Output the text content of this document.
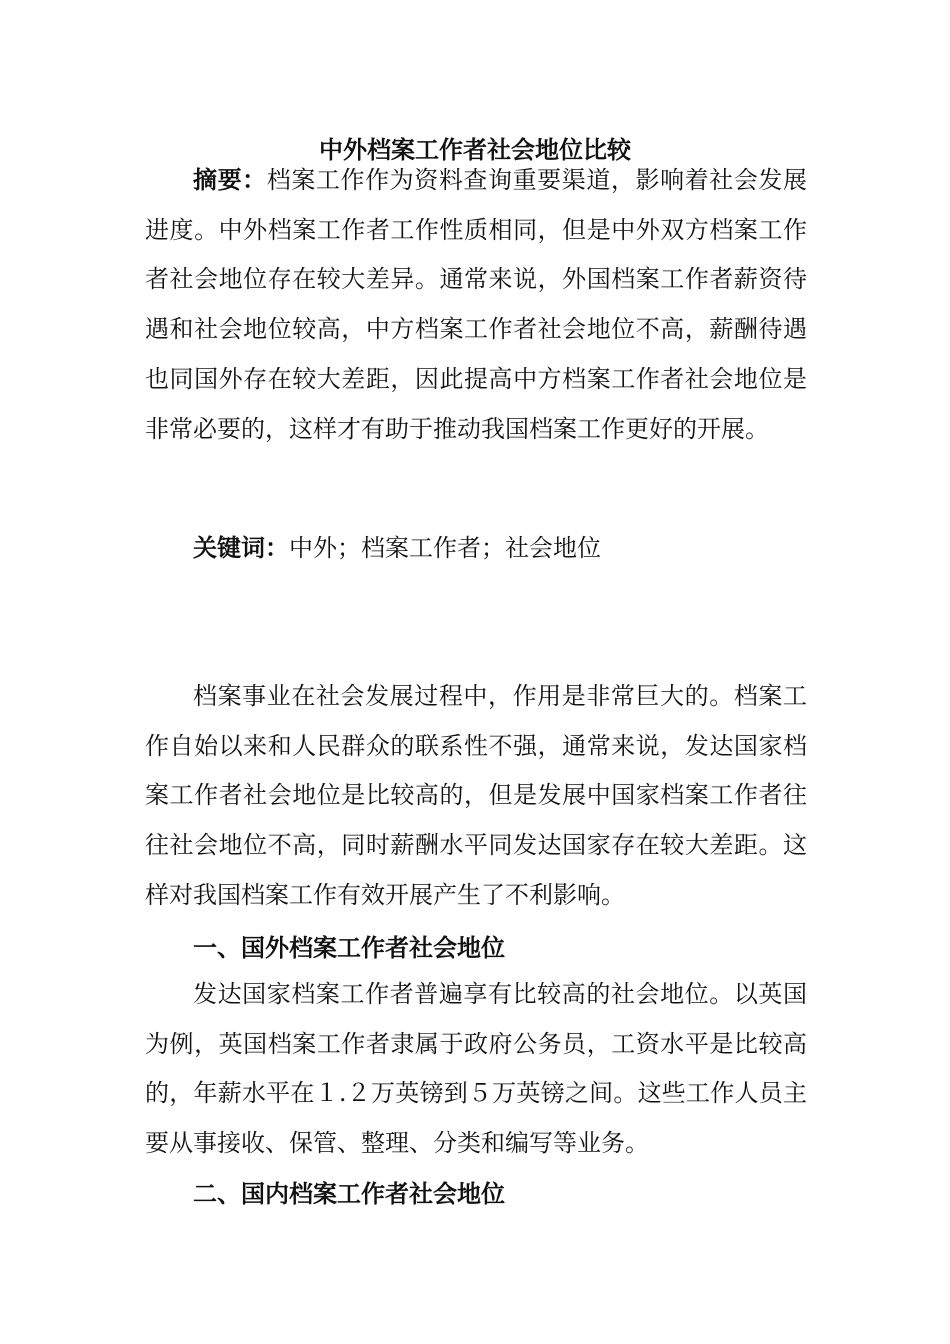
中外档案工作者社会地位比较

摘要：档案工作作为资料查询重要渠道，影响着社会发展进度。中外档案工作者工作性质相同，但是中外双方档案工作者社会地位存在较大差异。通常来说，外国档案工作者薪资待遇和社会地位较高，中方档案工作者社会地位不高，薪酬待遇也同国外存在较大差距，因此提高中方档案工作者社会地位是非常必要的，这样才有助于推动我国档案工作更好的开展。

关键词：中外；档案工作者；社会地位

档案事业在社会发展过程中，作用是非常巨大的。档案工作自始以来和人民群众的联系性不强，通常来说，发达国家档案工作者社会地位是比较高的，但是发展中国家档案工作者往往社会地位不高，同时薪酬水平同发达国家存在较大差距。这样对我国档案工作有效开展产生了不利影响。

一、国外档案工作者社会地位

发达国家档案工作者普遍享有比较高的社会地位。以英国为例，英国档案工作者隶属于政府公务员，工资水平是比较高的，年薪水平在１.２万英镑到５万英镑之间。这些工作人员主要从事接收、保管、整理、分类和编写等业务。

二、国内档案工作者社会地位
